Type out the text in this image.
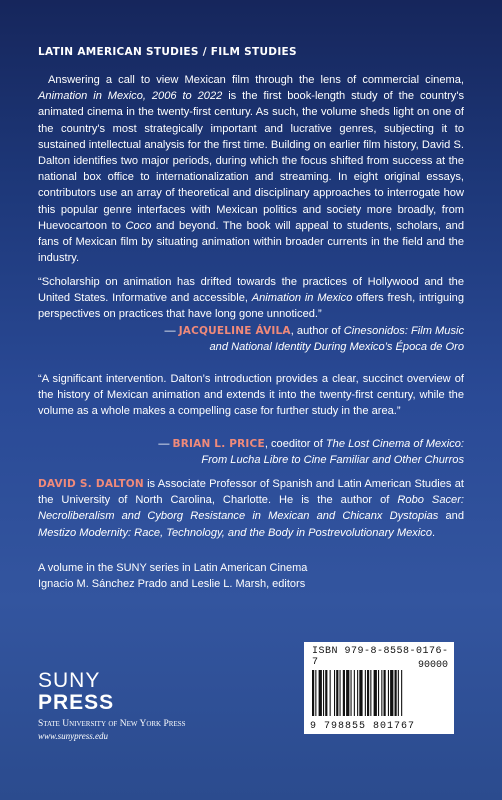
LATIN AMERICAN STUDIES / FILM STUDIES

Answering a call to view Mexican film through the lens of commercial cinema, Animation in Mexico, 2006 to 2022 is the first book-length study of the country's animated cinema in the twenty-first century. As such, the volume sheds light on one of the country's most strategically important and lucrative genres, subjecting it to sustained intellectual analysis for the first time. Building on earlier film history, David S. Dalton identifies two major periods, during which the focus shifted from success at the national box office to internationalization and streaming. In eight original essays, contributors use an array of theoretical and disciplinary approaches to interrogate how this popular genre interfaces with Mexican politics and society more broadly, from Huevocartoon to Coco and beyond. The book will appeal to students, scholars, and fans of Mexican film by situating animation within broader currents in the field and the industry.

“Scholarship on animation has drifted towards the practices of Hollywood and the United States. Informative and accessible, Animation in Mexico offers fresh, intriguing perspectives on practices that have long gone unnoticed.”

— JACQUELINE ÁVILA, author of Cinesonidos: Film Music
and National Identity During Mexico’s Época de Oro

“A significant intervention. Dalton’s introduction provides a clear, succinct overview of the history of Mexican animation and extends it into the twenty-first century, while the volume as a whole makes a compelling case for further study in the area.”

— BRIAN L. PRICE, coeditor of The Lost Cinema of Mexico:
From Lucha Libre to Cine Familiar and Other Churros

DAVID S. DALTON is Associate Professor of Spanish and Latin American Studies at the University of North Carolina, Charlotte. He is the author of Robo Sacer: Necroliberalism and Cyborg Resistance in Mexican and Chicanx Dystopias and Mestizo Modernity: Race, Technology, and the Body in Postrevolutionary Mexico.

A volume in the SUNY series in Latin American Cinema
Ignacio M. Sánchez Prado and Leslie L. Marsh, editors
SUNY
PRESS
State University of New York Press
www.sunypress.edu
ISBN 979-8-8558-0176-7	90000
9 798855 801767
